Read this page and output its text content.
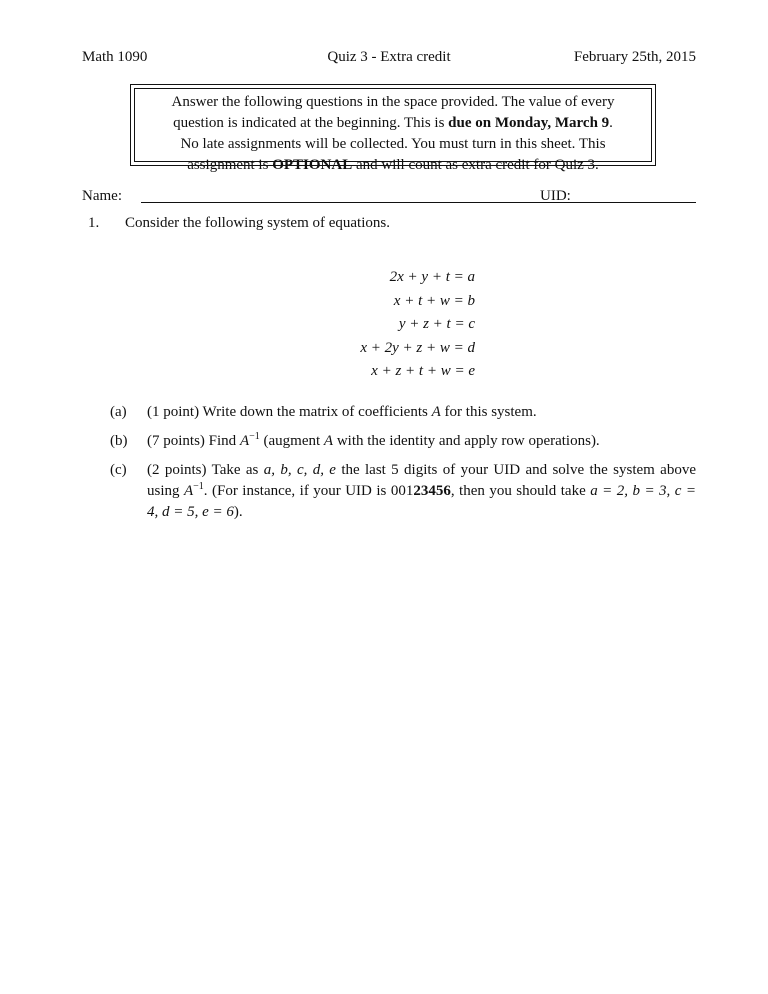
Math 1090	Quiz 3 - Extra credit	February 25th, 2015
Answer the following questions in the space provided. The value of every
question is indicated at the beginning. This is due on Monday, March 9.
No late assignments will be collected. You must turn in this sheet. This
assignment is OPTIONAL and will count as extra credit for Quiz 3.
Name:	UID:
1. Consider the following system of equations.
2x + y + t = a
x + t + w = b
y + z + t = c
x + 2y + z + w = d
x + z + t + w = e
(a) (1 point) Write down the matrix of coefficients A for this system.
(b) (7 points) Find $A^{-1}$ (augment A with the identity and apply row operations).
(c) (2 points) Take as a, b, c, d, e the last 5 digits of your UID and solve the system above using $A^{-1}$. (For instance, if your UID is 00123456, then you should take a = 2, b = 3, c = 4, d = 5, e = 6).
